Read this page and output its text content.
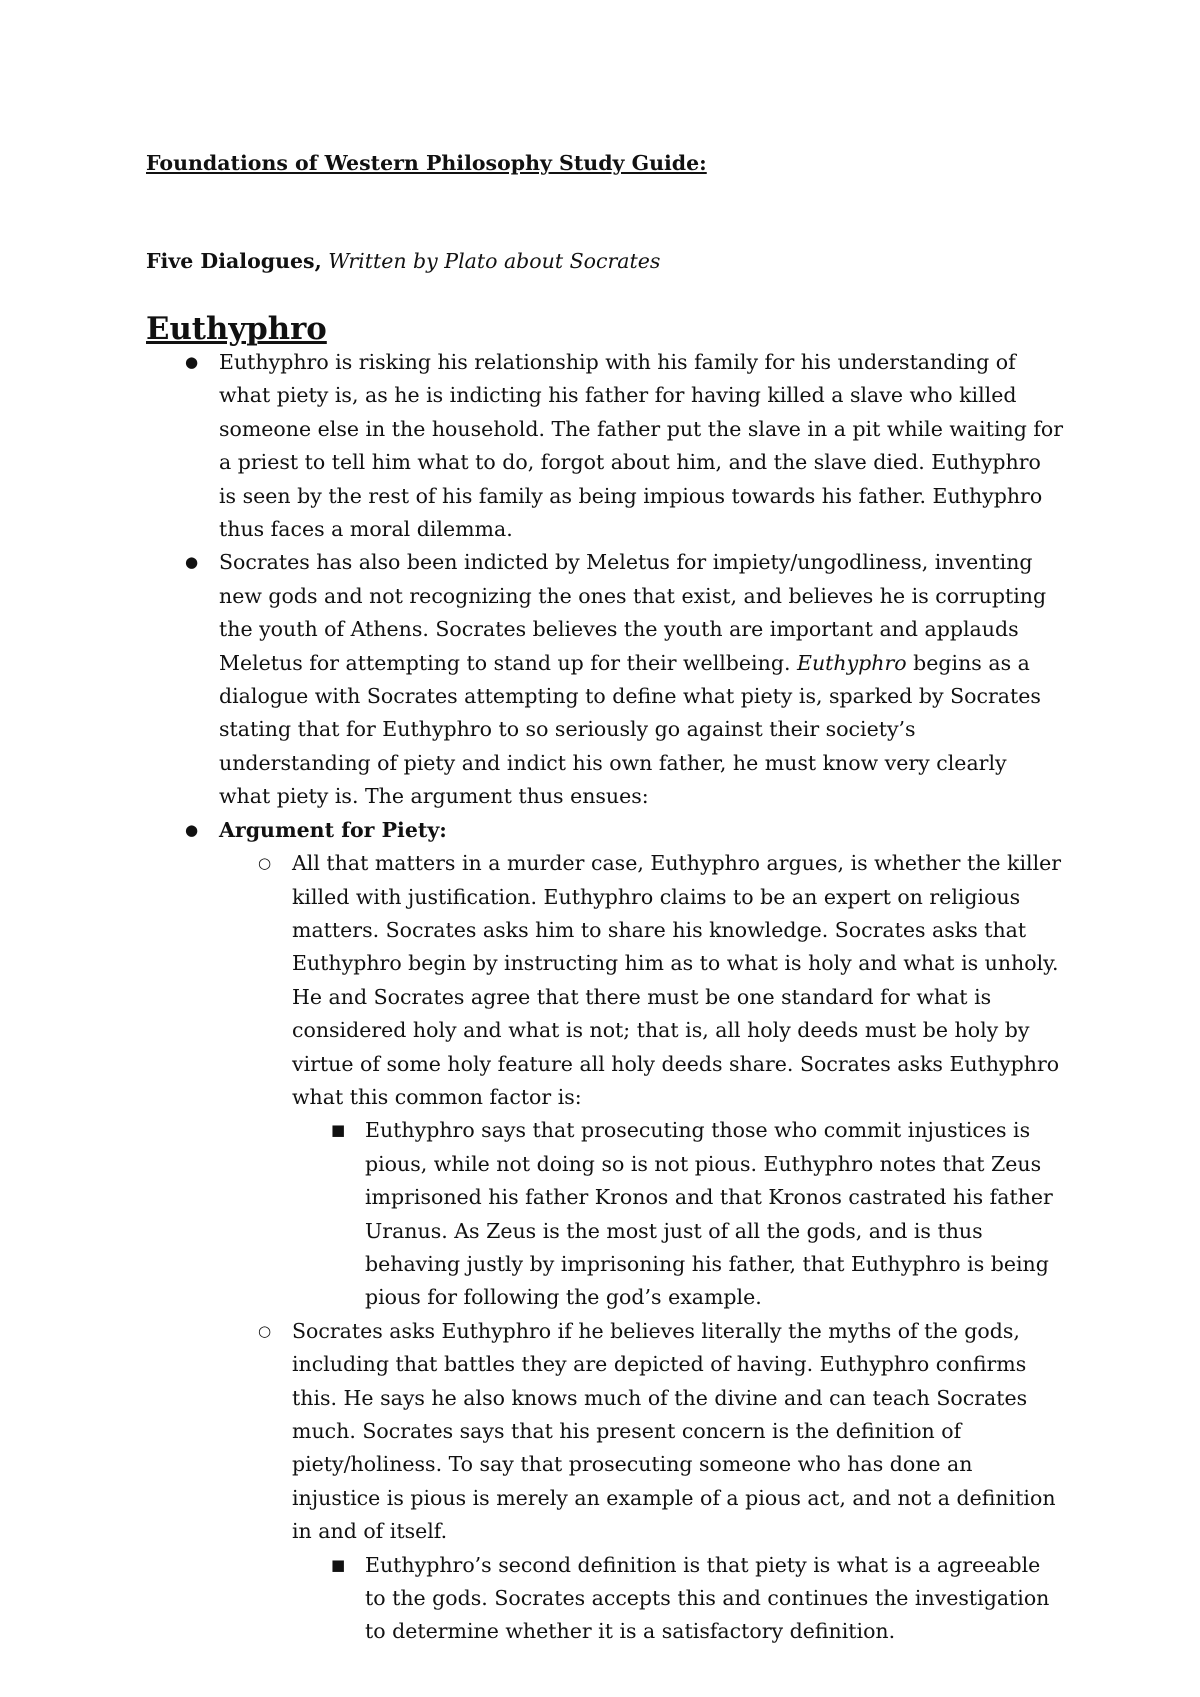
Foundations of Western Philosophy Study Guide:

Five Dialogues, Written by Plato about Socrates

Euthyphro
● Euthyphro is risking his relationship with his family for his understanding of what piety is, as he is indicting his father for having killed a slave who killed someone else in the household. The father put the slave in a pit while waiting for a priest to tell him what to do, forgot about him, and the slave died. Euthyphro is seen by the rest of his family as being impious towards his father. Euthyphro thus faces a moral dilemma.
● Socrates has also been indicted by Meletus for impiety/ungodliness, inventing new gods and not recognizing the ones that exist, and believes he is corrupting the youth of Athens. Socrates believes the youth are important and applauds Meletus for attempting to stand up for their wellbeing. Euthyphro begins as a dialogue with Socrates attempting to define what piety is, sparked by Socrates stating that for Euthyphro to so seriously go against their society’s understanding of piety and indict his own father, he must know very clearly what piety is. The argument thus ensues:
● Argument for Piety:
○ All that matters in a murder case, Euthyphro argues, is whether the killer killed with justification. Euthyphro claims to be an expert on religious matters. Socrates asks him to share his knowledge. Socrates asks that Euthyphro begin by instructing him as to what is holy and what is unholy. He and Socrates agree that there must be one standard for what is considered holy and what is not; that is, all holy deeds must be holy by virtue of some holy feature all holy deeds share. Socrates asks Euthyphro what this common factor is:
■ Euthyphro says that prosecuting those who commit injustices is pious, while not doing so is not pious. Euthyphro notes that Zeus imprisoned his father Kronos and that Kronos castrated his father Uranus. As Zeus is the most just of all the gods, and is thus behaving justly by imprisoning his father, that Euthyphro is being pious for following the god’s example.
○ Socrates asks Euthyphro if he believes literally the myths of the gods, including that battles they are depicted of having. Euthyphro confirms this. He says he also knows much of the divine and can teach Socrates much. Socrates says that his present concern is the definition of piety/holiness. To say that prosecuting someone who has done an injustice is pious is merely an example of a pious act, and not a definition in and of itself.
■ Euthyphro’s second definition is that piety is what is a agreeable to the gods. Socrates accepts this and continues the investigation to determine whether it is a satisfactory definition.
